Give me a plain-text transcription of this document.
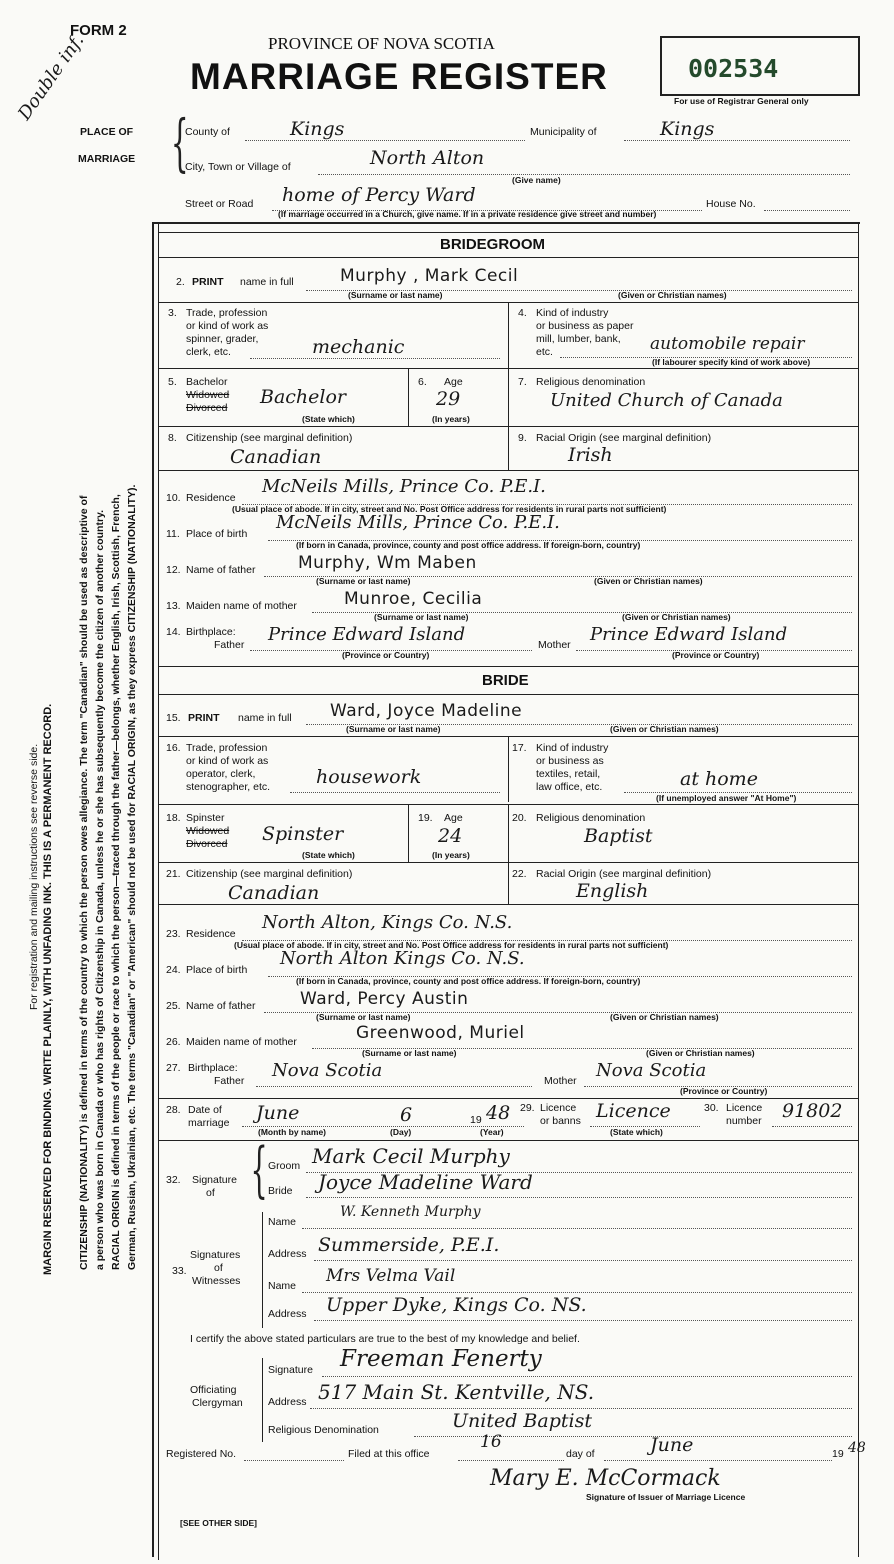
FORM 2
PROVINCE OF NOVA SCOTIA
MARRIAGE REGISTER	002534
For use of Registrar General only
Double inf.
PLACE OF
MARRIAGE {
County of	Kings	Municipality of	Kings
City, Town or Village of	North Alton
(Give name)
Street or Road home of Percy Ward	House No.
(If marriage occurred in a Church, give name. If in a private residence give street and number)
MARGIN RESERVED FOR BINDING. WRITE PLAINLY, WITH UNFADING INK. THIS IS A PERMANENT RECORD.
For registration and mailing instructions see reverse side.	CITIZENSHIP (NATIONALITY) is defined in terms of the country to which the person owes allegiance. The term "Canadian" should be used as descriptive of a person who was born in Canada or who has rights of Citizenship in Canada, unless he or she has subsequently become the citizen of another country. RACIAL ORIGIN is defined in terms of the people or race to which the person—traced through the father—belongs, whether English, Irish, Scottish, French, German, Russian, Ukrainian, etc. The terms "Canadian" or "American" should not be used for RACIAL ORIGIN, as they express CITIZENSHIP (NATIONALITY).
BRIDEGROOM
2. PRINT name in full	Murphy , Mark Cecil
(Surname or last name)	(Given or Christian names)
3. Trade, profession
or kind of work as
spinner, grader,
clerk, etc.	mechanic
4. Kind of industry
or business as paper
mill, lumber, bank,
etc.	automobile repair
(If labourer specify kind of work above)
5. Bachelor
Widowed
Divorced Bachelor
(State which)
6. Age
29
(In years)
7. Religious denomination
United Church of Canada
8. Citizenship (see marginal definition)
Canadian
9. Racial Origin (see marginal definition)
Irish
10. Residence
McNeils Mills, Prince Co. P.E.I.
(Usual place of abode. If in city, street and No. Post Office address for residents in rural parts not sufficient)
11. Place of birth
McNeils Mills, Prince Co. P.E.I.
(If born in Canada, province, county and post office address. If foreign-born, country)
12. Name of father	Murphy, Wm Maben
(Surname or last name)	(Given or Christian names)
13. Maiden name of mother	Munroe, Cecilia
(Surname or last name)	(Given or Christian names)
14. Birthplace:
Father Prince Edward Island	Mother Prince Edward Island
(Province or Country)	(Province or Country)
BRIDE
15. PRINT name in full Ward, Joyce Madeline
(Surname or last name)	(Given or Christian names)
16. Trade, profession
or kind of work as
operator, clerk,
stenographer, etc. housework
17. Kind of industry
or business as
textiles, retail,
law office, etc.	at home
(If unemployed answer "At Home")
18. Spinster
Widowed
Divorced Spinster
(State which)
19. Age
24
(In years)
20. Religious denomination
Baptist
21. Citizenship (see marginal definition)
Canadian
22. Racial Origin (see marginal definition)
English
23. Residence
North Alton, Kings Co. N.S.
(Usual place of abode. If in city, street and No. Post Office address for residents in rural parts not sufficient)
24. Place of birth
North Alton Kings Co. N.S.
(If born in Canada, province, county and post office address. If foreign-born, country)
25. Name of father	Ward, Percy Austin
(Surname or last name)	(Given or Christian names)
26. Maiden name of mother	Greenwood, Muriel
(Surname or last name)	(Given or Christian names)
27. Birthplace:
Father Nova Scotia	Mother Nova Scotia
(Province or Country)
28. Date of
marriage June	6	19 48
(Month by name)	(Day)	(Year)
29. Licence
or banns Licence
(State which)
30. Licence
number 91802
32. Signature
of { Groom Mark Cecil Murphy
Bride Joyce Madeline Ward
33.
Signatures
of
Witnesses
Name
W. Kenneth Murphy
Address Summerside, P.E.I.
Name Mrs Velma Vail
Address Upper Dyke, Kings Co. NS.
I certify the above stated particulars are true to the best of my knowledge and belief.
Officiating
Clergyman
Signature Freeman Fenerty
Address 517 Main St. Kentville, NS.
Religious Denomination	United Baptist
Registered No.	Filed at this office
16
day of	June	19 48
Mary E. McCormack
Signature of Issuer of Marriage Licence
[SEE OTHER SIDE]
